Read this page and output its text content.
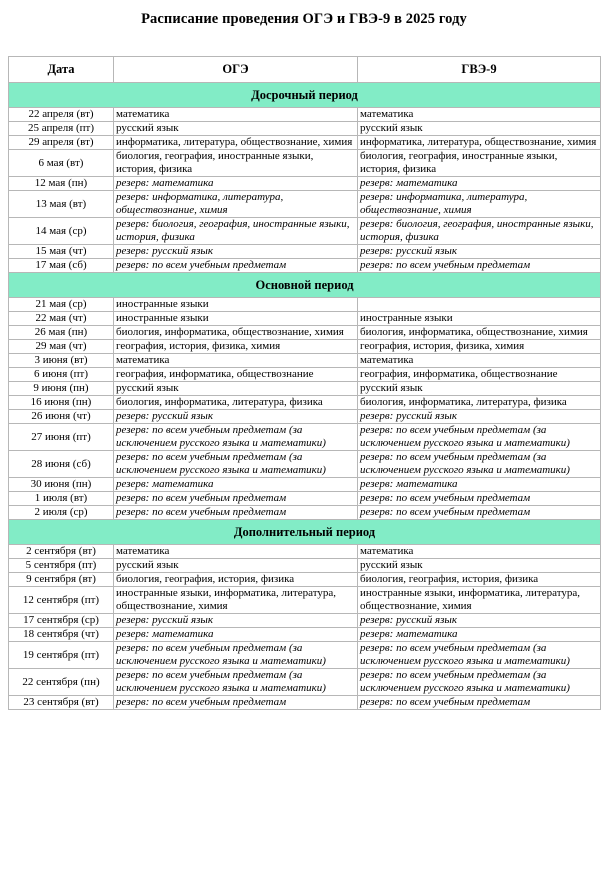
Расписание проведения ОГЭ и ГВЭ-9 в 2025 году
Дата	ОГЭ	ГВЭ-9
Досрочный период		
22 апреля (вт)	математика	математика
25 апреля (пт)	русский язык	русский язык
29 апреля (вт)	информатика, литература, обществознание, химия	информатика, литература, обществознание, химия
6 мая (вт)	биология, география, иностранные языки, история, физика	биология, география, иностранные языки, история, физика
12 мая (пн)	резерв: математика	резерв: математика
13 мая (вт)	резерв: информатика, литература, обществознание, химия	резерв: информатика, литература, обществознание, химия
14 мая (ср)	резерв: биология, география, иностранные языки, история, физика	резерв: биология, география, иностранные языки, история, физика
15 мая (чт)	резерв: русский язык	резерв: русский язык
17 мая (сб)	резерв: по всем учебным предметам	резерв: по всем учебным предметам
Основной период		
21 мая (ср)	иностранные языки	
22 мая (чт)	иностранные языки	иностранные языки
26 мая (пн)	биология, информатика, обществознание, химия	биология, информатика, обществознание, химия
29 мая (чт)	география, история, физика, химия	география, история, физика, химия
3 июня (вт)	математика	математика
6 июня (пт)	география, информатика, обществознание	география, информатика, обществознание
9 июня (пн)	русский язык	русский язык
16 июня (пн)	биология, информатика, литература, физика	биология, информатика, литература, физика
26 июня (чт)	резерв: русский язык	резерв: русский язык
27 июня (пт)	резерв: по всем учебным предметам (за исключением русского языка и математики)	резерв: по всем учебным предметам (за исключением русского языка и математики)
28 июня (сб)	резерв: по всем учебным предметам (за исключением русского языка и математики)	резерв: по всем учебным предметам (за исключением русского языка и математики)
30 июня (пн)	резерв: математика	резерв: математика
1 июля (вт)	резерв: по всем учебным предметам	резерв: по всем учебным предметам
2 июля (ср)	резерв: по всем учебным предметам	резерв: по всем учебным предметам
Дополнительный период		
2 сентября (вт)	математика	математика
5 сентября (пт)	русский язык	русский язык
9 сентября (вт)	биология, география, история, физика	биология, география, история, физика
12 сентября (пт)	иностранные языки, информатика, литература, обществознание, химия	иностранные языки, информатика, литература, обществознание, химия
17 сентября (ср)	резерв: русский язык	резерв: русский язык
18 сентября (чт)	резерв: математика	резерв: математика
19 сентября (пт)	резерв: по всем учебным предметам (за исключением русского языка и математики)	резерв: по всем учебным предметам (за исключением русского языка и математики)
22 сентября (пн)	резерв: по всем учебным предметам (за исключением русского языка и математики)	резерв: по всем учебным предметам (за исключением русского языка и математики)
23 сентября (вт)	резерв: по всем учебным предметам	резерв: по всем учебным предметам
